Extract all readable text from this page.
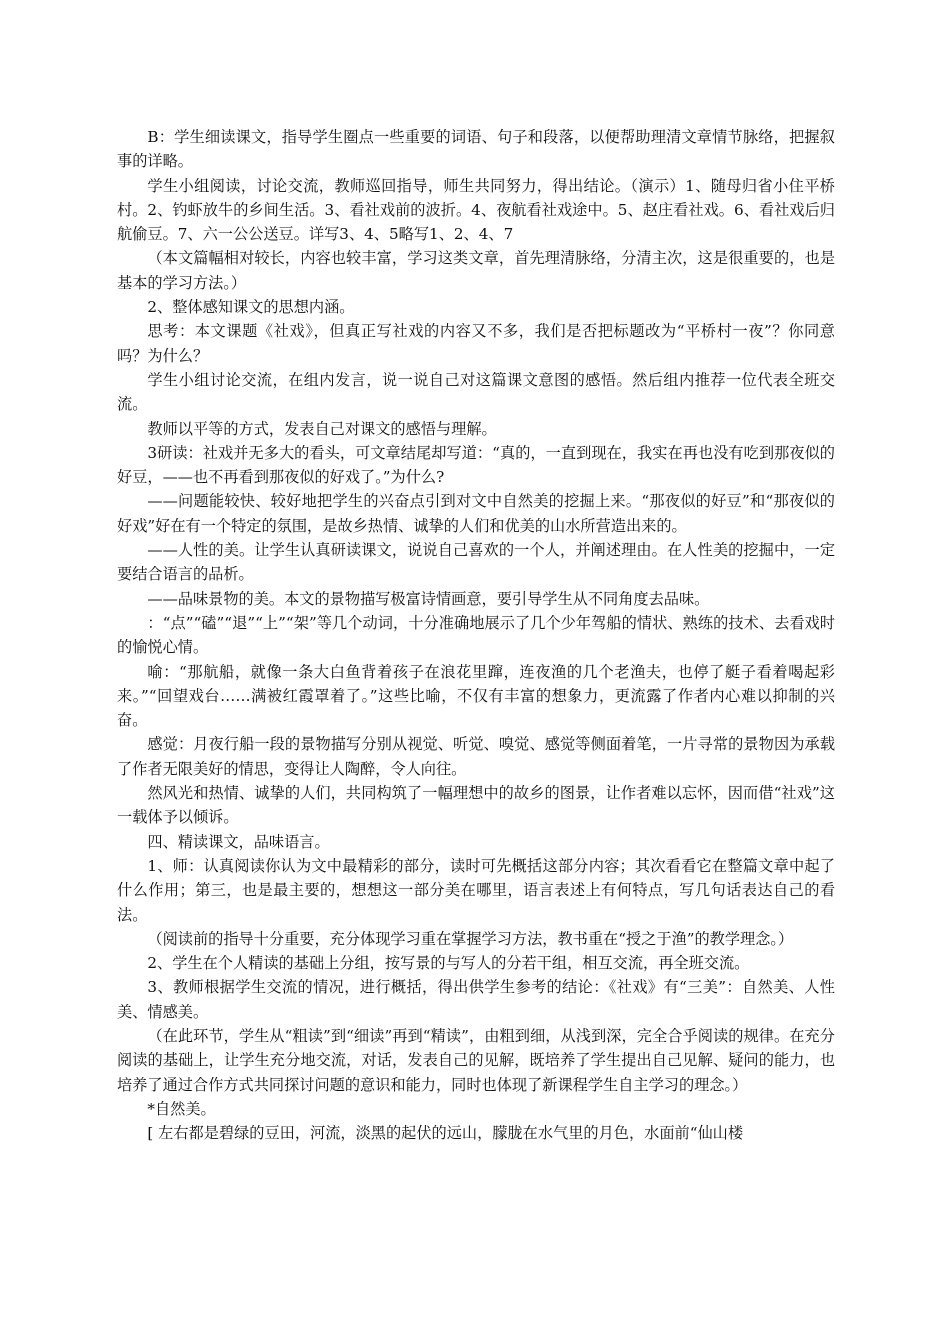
B：学生细读课文，指导学生圈点一些重要的词语、句子和段落，以便帮助理清文章情节脉络，把握叙事的详略。

学生小组阅读，讨论交流，教师巡回指导，师生共同努力，得出结论。（演示）1、随母归省小住平桥村。2、钓虾放牛的乡间生活。3、看社戏前的波折。4、夜航看社戏途中。5、赵庄看社戏。6、看社戏后归航偷豆。7、六一公公送豆。详写3、4、5略写1、2、4、7

（本文篇幅相对较长，内容也较丰富，学习这类文章，首先理清脉络，分清主次，这是很重要的，也是基本的学习方法。）

2、整体感知课文的思想内涵。

思考：本文课题《社戏》，但真正写社戏的内容又不多，我们是否把标题改为“平桥村一夜”？你同意吗？为什么？

学生小组讨论交流，在组内发言，说一说自己对这篇课文意图的感悟。然后组内推荐一位代表全班交流。

教师以平等的方式，发表自己对课文的感悟与理解。

3研读：社戏并无多大的看头，可文章结尾却写道：“真的，一直到现在，我实在再也没有吃到那夜似的好豆，——也不再看到那夜似的好戏了。”为什么?

——问题能较快、较好地把学生的兴奋点引到对文中自然美的挖掘上来。“那夜似的好豆”和“那夜似的好戏”好在有一个特定的氛围，是故乡热情、诚挚的人们和优美的山水所营造出来的。

——人性的美。让学生认真研读课文，说说自己喜欢的一个人，并阐述理由。在人性美的挖掘中，一定要结合语言的品析。

——品味景物的美。本文的景物描写极富诗情画意，要引导学生从不同角度去品味。

：“点”“磕”“退”“上”“架”等几个动词，十分准确地展示了几个少年驾船的情状、熟练的技术、去看戏时的愉悦心情。

喻：“那航船，就像一条大白鱼背着孩子在浪花里蹿，连夜渔的几个老渔夫，也停了艇子看着喝起彩来。”“回望戏台……满被红霞罩着了。”这些比喻，不仅有丰富的想象力，更流露了作者内心难以抑制的兴奋。

感觉：月夜行船一段的景物描写分别从视觉、听觉、嗅觉、感觉等侧面着笔，一片寻常的景物因为承载了作者无限美好的情思，变得让人陶醉，令人向往。

然风光和热情、诚挚的人们，共同构筑了一幅理想中的故乡的图景，让作者难以忘怀，因而借“社戏”这一载体予以倾诉。

四、精读课文，品味语言。

1、师：认真阅读你认为文中最精彩的部分，读时可先概括这部分内容；其次看看它在整篇文章中起了什么作用；第三，也是最主要的，想想这一部分美在哪里，语言表述上有何特点，写几句话表达自己的看法。

（阅读前的指导十分重要，充分体现学习重在掌握学习方法，教书重在“授之于渔”的教学理念。）

2、学生在个人精读的基础上分组，按写景的与写人的分若干组，相互交流，再全班交流。

3、教师根据学生交流的情况，进行概括，得出供学生参考的结论：《社戏》有“三美”：自然美、人性美、情感美。

（在此环节，学生从“粗读”到“细读”再到“精读”，由粗到细，从浅到深，完全合乎阅读的规律。在充分阅读的基础上，让学生充分地交流，对话，发表自己的见解，既培养了学生提出自己见解、疑问的能力，也培养了通过合作方式共同探讨问题的意识和能力，同时也体现了新课程学生自主学习的理念。）

*自然美。

[ 左右都是碧绿的豆田，河流，淡黑的起伏的远山，朦胧在水气里的月色，水面前“仙山楼
